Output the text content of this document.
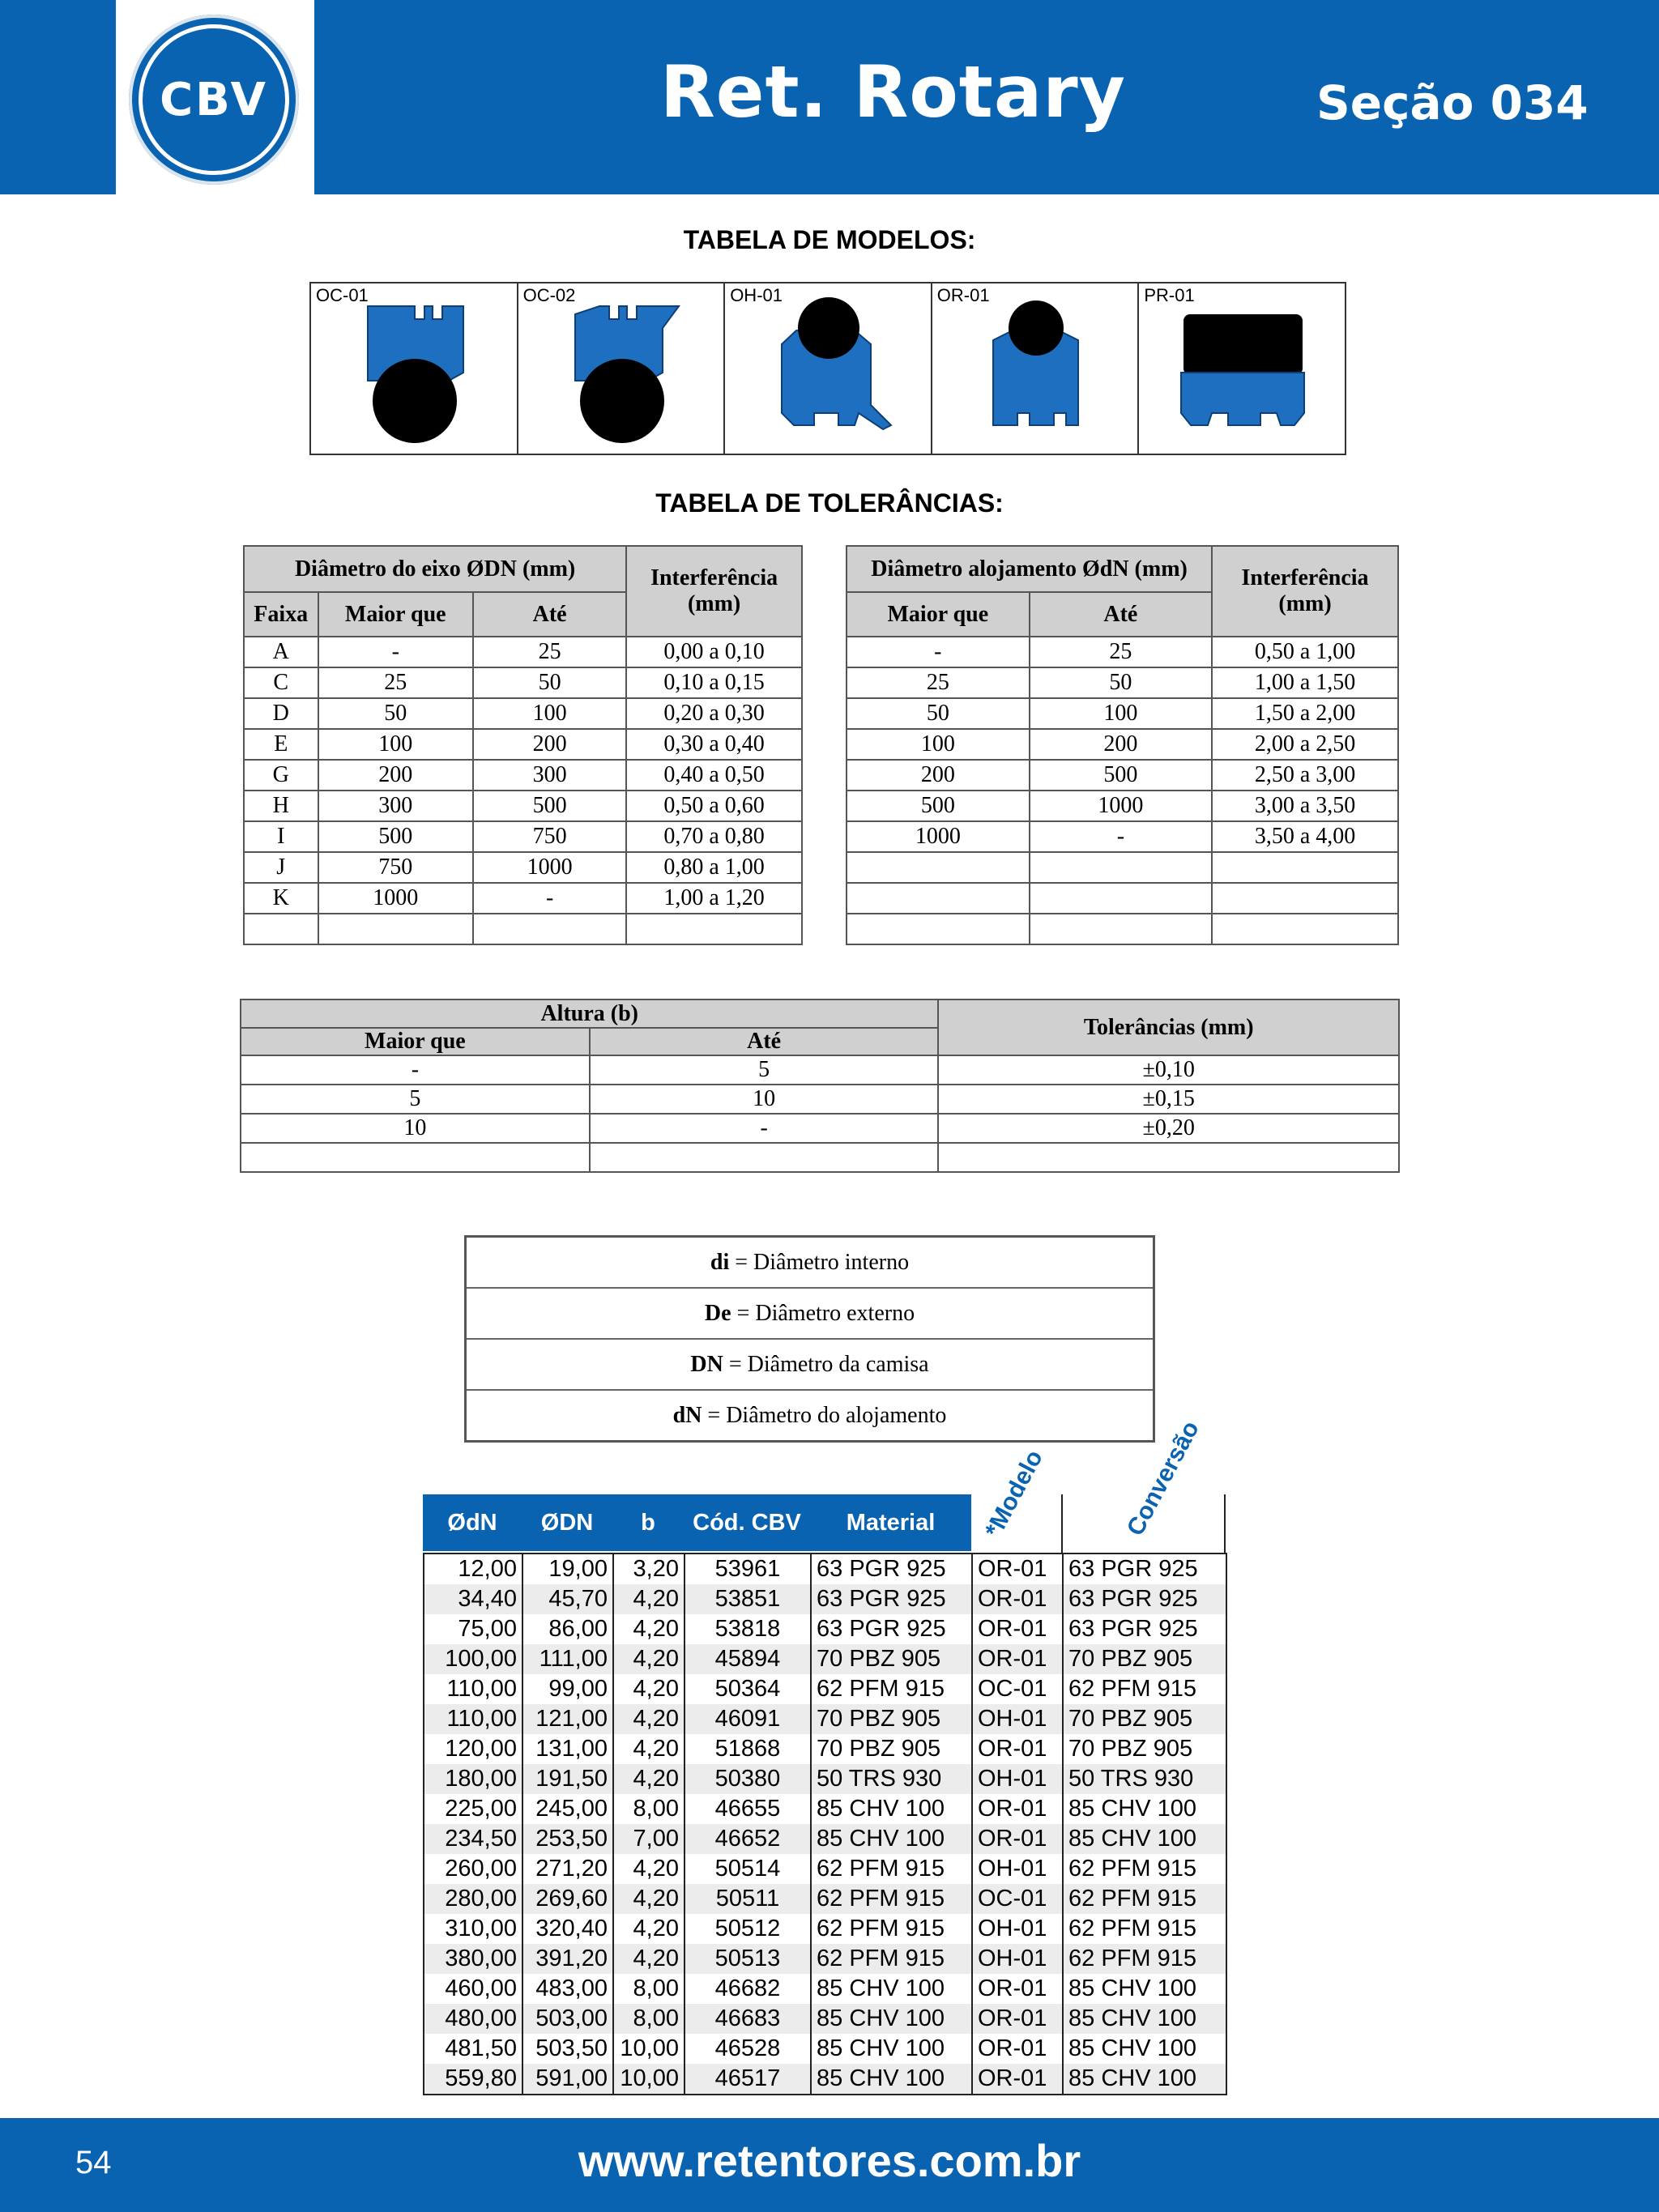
CBV	Ret. Rotary	Seção 034
TABELA DE MODELOS:
OC-01	OC-02	OH-01	OR-01	PR-01
TABELA DE TOLERÂNCIAS:
Diâmetro do eixo ØDN (mm)			Interferência (mm)
Faixa	Maior que	Até	
A	-	25	0,00 a 0,10
C	25	50	0,10 a 0,15
D	50	100	0,20 a 0,30
E	100	200	0,30 a 0,40
G	200	300	0,40 a 0,50
H	300	500	0,50 a 0,60
I	500	750	0,70 a 0,80
J	750	1000	0,80 a 1,00
K	1000	-	1,00 a 1,20

Diâmetro alojamento ØdN (mm)		Interferência (mm)
Maior que	Até	
-	25	0,50 a 1,00
25	50	1,00 a 1,50
50	100	1,50 a 2,00
100	200	2,00 a 2,50
200	500	2,50 a 3,00
500	1000	3,00 a 3,50
1000	-	3,50 a 4,00

Altura (b)		Tolerâncias (mm)
Maior que	Até	
-	5	±0,10
5	10	±0,15
10	-	±0,20

di = Diâmetro interno
De = Diâmetro externo
DN = Diâmetro da camisa
dN = Diâmetro do alojamento
ØdN	ØDN	b	Cód. CBV	Material	*Modelo	Conversão
12,00	19,00	3,20	53961	63 PGR 925	OR-01	63 PGR 925
34,40	45,70	4,20	53851	63 PGR 925	OR-01	63 PGR 925
75,00	86,00	4,20	53818	63 PGR 925	OR-01	63 PGR 925
100,00	111,00	4,20	45894	70 PBZ 905	OR-01	70 PBZ 905
110,00	99,00	4,20	50364	62 PFM 915	OC-01	62 PFM 915
110,00	121,00	4,20	46091	70 PBZ 905	OH-01	70 PBZ 905
120,00	131,00	4,20	51868	70 PBZ 905	OR-01	70 PBZ 905
180,00	191,50	4,20	50380	50 TRS 930	OH-01	50 TRS 930
225,00	245,00	8,00	46655	85 CHV 100	OR-01	85 CHV 100
234,50	253,50	7,00	46652	85 CHV 100	OR-01	85 CHV 100
260,00	271,20	4,20	50514	62 PFM 915	OH-01	62 PFM 915
280,00	269,60	4,20	50511	62 PFM 915	OC-01	62 PFM 915
310,00	320,40	4,20	50512	62 PFM 915	OH-01	62 PFM 915
380,00	391,20	4,20	50513	62 PFM 915	OH-01	62 PFM 915
460,00	483,00	8,00	46682	85 CHV 100	OR-01	85 CHV 100
480,00	503,00	8,00	46683	85 CHV 100	OR-01	85 CHV 100
481,50	503,50	10,00	46528	85 CHV 100	OR-01	85 CHV 100
559,80	591,00	10,00	46517	85 CHV 100	OR-01	85 CHV 100
54	www.retentores.com.br
